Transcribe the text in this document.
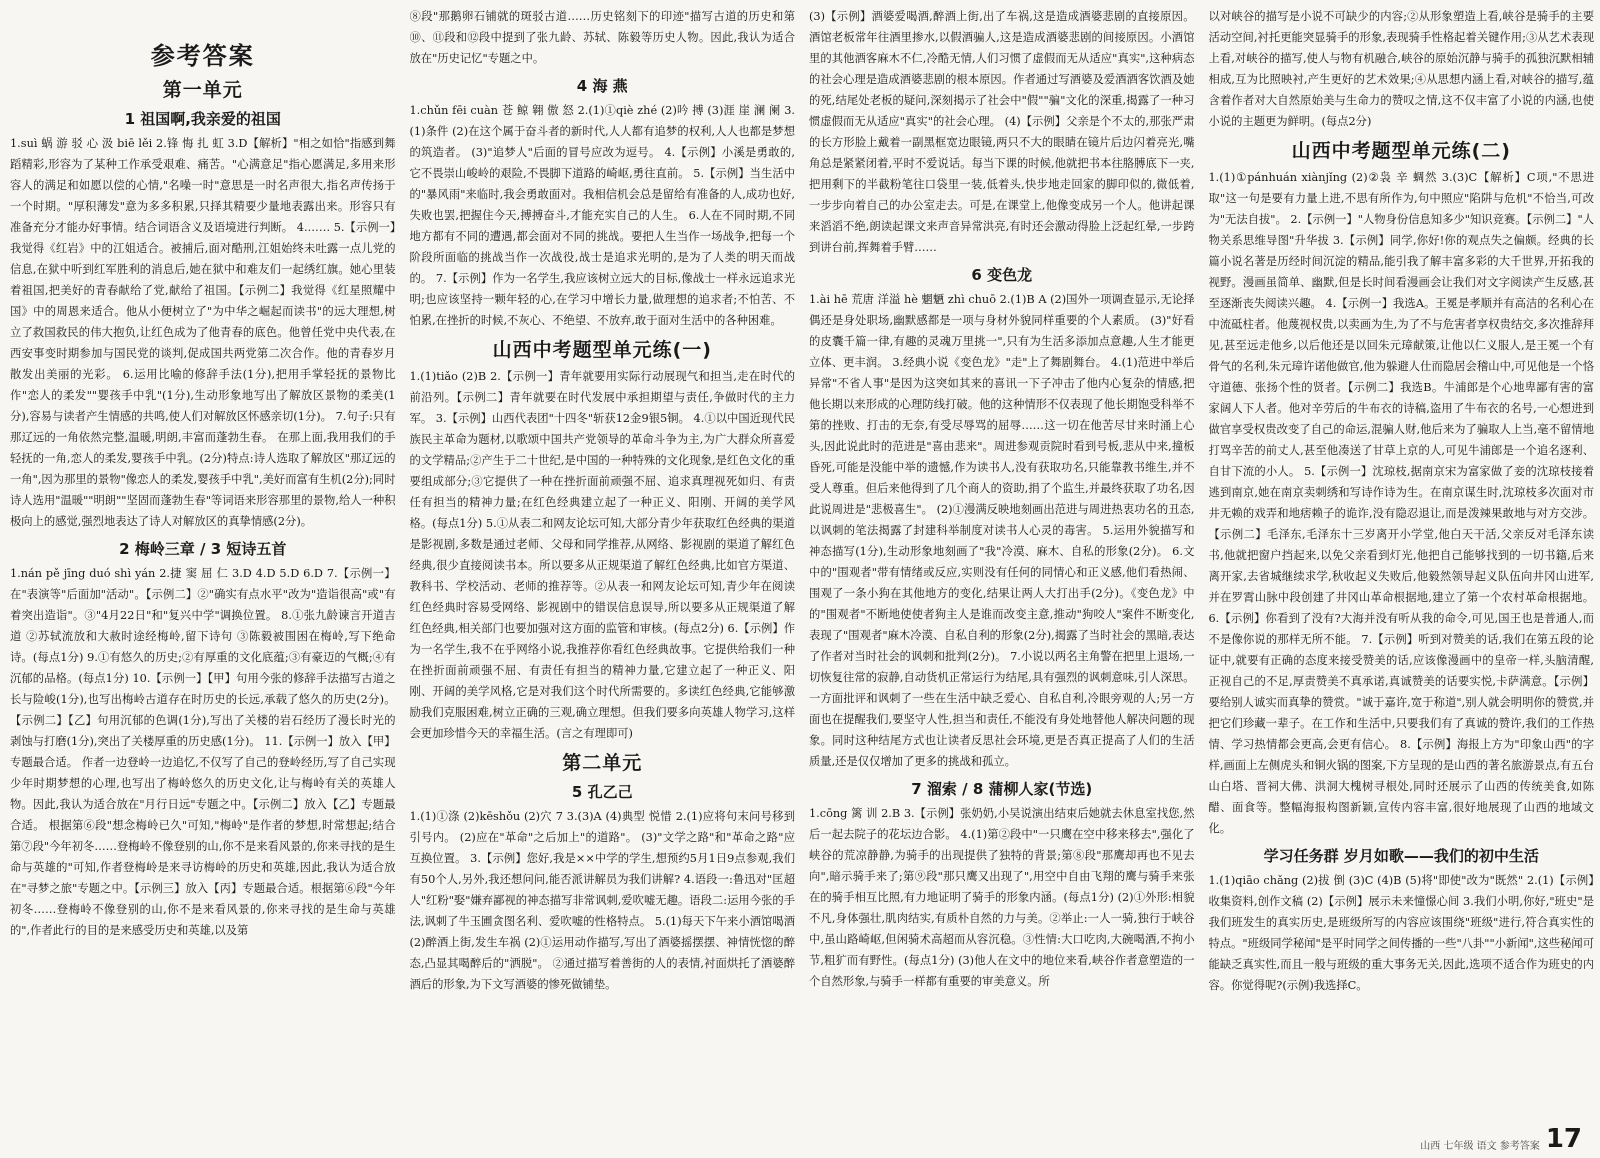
参考答案
第一单元
1 祖国啊,我亲爱的祖国

1.suì 蜗 游 驳 心 汲 biē lěi 2.锋 悔 扎 虹 3.D【解析】"相之如恰"指感到舞蹈精彩,形容为了某种工作承受艰难、痛苦。"心满意足"指心愿满足,多用来形容人的满足和如愿以偿的心情,"名噪一时"意思是一时名声很大,指名声传扬于一个时期。"厚积薄发"意为多多积累,只择其精要少量地表露出来。形容只有准备充分才能办好事情。结合词语含义及语境进行判断。 4.…… 5.【示例一】我觉得《红岩》中的江姐适合。被捕后,面对酷刑,江姐始终未吐露一点儿党的信息,在狱中听到红军胜利的消息后,她在狱中和难友们一起绣红旗。她心里装着祖国,把美好的青春献给了党,献给了祖国。【示例二】我觉得《红星照耀中国》中的周恩来适合。他从小便树立了"为中华之崛起而读书"的远大理想,树立了救国救民的伟大抱负,让红色成为了他青春的底色。他曾任党中央代表,在西安事变时期参加与国民党的谈判,促成国共两党第二次合作。他的青春岁月散发出美丽的光彩。 6.运用比喻的修辞手法(1分),把用手掌轻抚的景物比作"恋人的柔发""婴孩手中乳"(1分),生动形象地写出了解放区景物的柔美(1分),容易与读者产生情感的共鸣,使人们对解放区怀感亲切(1分)。 7.句子:只有那辽远的一角依然完整,温暖,明朗,丰富而蓬勃生春。 在那上面,我用我们的手轻抚的一角,恋人的柔发,婴孩手中乳。(2分)特点:诗人选取了解放区"那辽远的一角",因为那里的景物"像恋人的柔发,婴孩手中乳",美好而富有生机(2分);同时诗人选用"温暖""明朗""坚固而蓬勃生春"等词语来形容那里的景物,给人一种积极向上的感觉,强烈地表达了诗人对解放区的真挚情感(2分)。

2 梅岭三章 / 3 短诗五首

1.nán pě jīng duó shì yán 2.捷 窦 屈 仁 3.D 4.D 5.D 6.D 7.【示例一】在"表演等"后面加"活动"。【示例二】②"确实有点水平"改为"造诣很高"或"有着突出造诣"。③"4月22日"和"复兴中学"调换位置。 8.①张九龄谏言开道吉道 ②苏轼流放和大赦时途经梅岭,留下诗句 ③陈毅被围困在梅岭,写下绝命诗。(每点1分) 9.①有悠久的历史;②有厚重的文化底蕴;③有豪迈的气概;④有沉郁的品格。(每点1分) 10.【示例一】【甲】句用今张的修辞手法描写古道之长与险峻(1分),也写出梅岭古道存在时历史的长远,承载了悠久的历史(2分)。【示例二】【乙】句用沉郁的色调(1分),写出了关楼的岩石经历了漫长时光的剥蚀与打磨(1分),突出了关楼厚重的历史感(1分)。 11.【示例一】放入【甲】专题最合适。 作者一边登岭一边追忆,不仅写了自己的登岭经历,写了自己实现少年时期梦想的心理,也写出了梅岭悠久的历史文化,让与梅岭有关的英雄人物。因此,我认为适合放在"月行日远"专题之中。【示例二】放入【乙】专题最合适。 根据第⑥段"想念梅岭已久"可知,"梅岭"是作者的梦想,时常想起;结合第⑦段"今年初冬……登梅岭不像登别的山,你不是来看风景的,你来寻找的是生命与英雄的"可知,作者登梅岭是来寻访梅岭的历史和英雄,因此,我认为适合放在"寻梦之旅"专题之中。【示例三】放入【丙】专题最合适。根据第⑥段"今年初冬……登梅岭不像登别的山,你不是来看风景的,你来寻找的是生命与英雄的",作者此行的目的是来感受历史和英雄,以及第

⑧段"那鹅卵石铺就的斑驳古道……历史铭刻下的印迹"描写古道的历史和第⑩、⑪段和⑫段中提到了张九龄、苏轼、陈毅等历史人物。因此,我认为适合放在"历史记忆"专题之中。

4 海 燕

1.chǔn fēi cuàn 苍 鲸 翱 傲 怒 2.(1)①qiè zhé (2)吟 搏 (3)涯 崖 澜 阑 3.(1)条件 (2)在这个属于奋斗者的新时代,人人都有追梦的权利,人人也都是梦想的筑造者。 (3)"追梦人"后面的冒号应改为逗号。 4.【示例】小溪是勇敢的,它不畏崇山峻岭的艰险,不畏脚下道路的崎岖,勇往直前。 5.【示例】当生活中的"暴风雨"来临时,我会勇敢面对。我相信机会总是留给有准备的人,成功也好,失败也罢,把握住今天,搏搏奋斗,才能充实自己的人生。 6.人在不同时期,不同地方都有不同的遭遇,都会面对不同的挑战。要把人生当作一场战争,把每一个阶段所面临的挑战当作一次战役,战士是追求光明的,是为了人类的明天而战的。 7.【示例】作为一名学生,我应该树立远大的目标,像战士一样永远追求光明;也应该坚持一颗年轻的心,在学习中增长力量,做理想的追求者;不怕苦、不怕累,在挫折的时候,不灰心、不绝望、不放弃,敢于面对生活中的各种困难。

山西中考题型单元练(一)

1.(1)tiǎo (2)B 2.【示例一】青年就要用实际行动展现气和担当,走在时代的前沿列。【示例二】青年就要在时代发展中承担期望与责任,争做时代的主力军。 3.【示例】山西代表团"十四冬"斩获12金9银5铜。 4.①以中国近现代民族民主革命为题材,以歌颂中国共产党领导的革命斗争为主,为广大群众所喜爱的文学精品;②产生于二十世纪,是中国的一种特殊的文化现象,是红色文化的重要组成部分;③它提供了一种在挫折面前顽强不屈、追求真理视死如归、有责任有担当的精神力量;在红色经典建立起了一种正义、阳刚、开阔的美学风格。(每点1分) 5.①从表二和网友论坛可知,大部分青少年获取红色经典的渠道是影视剧,多数是通过老师、父母和同学推荐,从网络、影视剧的渠道了解红色经典,很少直接阅读书本。所以要多从正规渠道了解红色经典,比如官方渠道、教科书、学校活动、老师的推荐等。②从表一和网友论坛可知,青少年在阅读红色经典时容易受网络、影视剧中的错误信息误导,所以要多从正规渠道了解红色经典,相关部门也要加强对这方面的监管和审核。(每点2分) 6.【示例】作为一名学生,我不在乎网络小说,我推荐你看红色经典故事。它提供给我们一种在挫折面前顽强不屈、有责任有担当的精神力量,它建立起了一种正义、阳刚、开阔的美学风格,它是对我们这个时代所需要的。多读红色经典,它能够激励我们克服困难,树立正确的三观,确立理想。但我们要多向英雄人物学习,这样会更加珍惜今天的幸福生活。(言之有理即可)

第二单元
5 孔乙己

1.(1)①涤 (2)kēshǒu (2)穴 7 3.(3)A (4)典型 悦惜 2.(1)应将句末问号移到引号内。 (2)应在"革命"之后加上"的道路"。 (3)"文学之路"和"革命之路"应互换位置。 3.【示例】您好,我是××中学的学生,想预约5月1日9点参观,我们有50个人,另外,我还想问问,能否派讲解员为我们讲解? 4.语段一:鲁迅对"匡超人"红粉"娶"嫌弃鄙视的神态描写非常讽刺,爱吹嘘无趣。语段二:运用今张的手法,讽刺了牛玉圃贪图名利、爱吹嘘的性格特点。 5.(1)每天下午来小酒馆喝酒 (2)醉酒上街,发生车祸 (2)①运用动作描写,写出了酒婆摇摆摆、神情恍惚的醉态,凸显其喝醉后的"洒脱"。 ②通过描写着善街的人的表情,衬面烘托了酒婆醉酒后的形象,为下文写酒婆的惨死做铺垫。

(3)【示例】酒婆爱喝酒,醉酒上街,出了车祸,这是造成酒婆悲剧的直接原因。酒馆老板常年往酒里掺水,以假酒骗人,这是造成酒婆悲剧的间接原因。小酒馆里的其他酒客麻木不仁,冷酷无情,人们习惯了虚假而无从适应"真实",这种病态的社会心理是造成酒婆悲剧的根本原因。作者通过写酒婆及爱酒酒客饮酒及她的死,结尾处老板的疑问,深刻揭示了社会中"假""骗"文化的深重,揭露了一种习惯虚假而无从适应"真实"的社会心理。 (4)【示例】父亲是个不太的,那张严肃的长方形脸上戴着一副黑框宽边眼镜,两只不大的眼睛在镜片后边闪着亮光,嘴角总是紧紧闭着,平时不爱说话。每当下课的时候,他就把书本往胳膊底下一夹,把用剩下的半截粉笔往口袋里一装,低着头,快步地走回家的脚印似的,微低着,一步步向着自己的办公室走去。可是,在课堂上,他像变成另一个人。他讲起课来滔滔不绝,朗读起课文来声音异常洪亮,有时还会激动得脸上泛起红晕,一步跨到讲台前,挥舞着手臂……

6 变色龙

1.ài hē 荒唐 洋溢 hè 魍魉 zhì chuō 2.(1)B A (2)国外一项调查显示,无论择偶还是身处职场,幽默感都是一项与身材外貌同样重要的个人素质。 (3)"好看的皮囊千篇一律,有趣的灵魂万里挑一",只有为生活多添加点意趣,人生才能更立体、更丰润。 3.经典小说《变色龙》"走"上了舞剧舞台。 4.(1)范进中举后异常"不省人事"是因为这突如其来的喜讯一下子冲击了他内心复杂的情感,把他长期以来形成的心理防线打破。他的这种情形不仅表现了他长期饱受科举不第的挫败、打击的无奈,有受尽辱骂的屈辱……这一切在他苦尽甘来时涌上心头,因此说此时的范进是"喜由悲来"。周进参观贡院时看到号板,悲从中来,撞板昏死,可能是没能中举的遗憾,作为读书人,没有获取功名,只能靠教书维生,并不受人尊重。但后来他得到了几个商人的资助,捐了个监生,并最终获取了功名,因此说周进是"悲极喜生"。 (2)①漫满反映地刻画出范进与周进热衷功名的丑态,以讽刺的笔法揭露了封建科举制度对读书人心灵的毒害。 5.运用外貌描写和神态描写(1分),生动形象地刻画了"我"冷漠、麻木、自私的形象(2分)。 6.文中的"围观者"带有情绪或反应,实则没有任何的同情心和正义感,他们看热闹、围观了一条小狗在其他地方的变化,结果让两人大打出手(2分)。《变色龙》中的"围观者"不断地使使者狗主人是谁而改变主意,推动"狗咬人"案件不断变化,表现了"围观者"麻木冷漠、自私自利的形象(2分),揭露了当时社会的黑暗,表达了作者对当时社会的讽刺和批判(2分)。 7.小说以两名主角警在把里上退场,一切恢复往常的寂静,自动货机正常运行为结尾,具有强烈的讽刺意味,引人深思。一方面批评和讽刺了一些在生活中缺乏爱心、自私自利,冷眼旁观的人;另一方面也在提醒我们,要坚守人性,担当和责任,不能没有身处地替他人解决问题的现象。同时这种结尾方式也让读者反思社会环境,更是否真正提高了人们的生活质量,还是仅仅增加了更多的挑战和孤立。

7 溜索 / 8 蒲柳人家(节选)

1.cōng 篱 训 2.B 3.【示例】张奶奶,小吴说演出结束后她就去休息室找您,然后一起去院子的花坛边合影。 4.(1)第②段中"一只鹰在空中移来移去",强化了峡谷的荒凉静静,为骑手的出现提供了独特的背景;第⑧段"那鹰却再也不见去向",暗示骑手来了;第⑨段"那只鹰又出现了",用空中自由飞翔的鹰与骑手来张在的骑手相互比照,有力地证明了骑手的形象内涵。(每点1分) (2)①外形:相貌不凡,身体强壮,肌肉结实,有质朴自然的力与美。②举止:一人一骑,独行于峡谷中,虽山路崎岖,但闲骑术高超而从容沉稳。③性情:大口吃肉,大碗喝酒,不拘小节,粗犷而有野性。(每点1分) (3)他人在文中的地位来看,峡谷作者意塑造的一个自然形象,与骑手一样都有重要的审美意义。所

以对峡谷的描写是小说不可缺少的内容;②从形象塑造上看,峡谷是骑手的主要活动空间,衬托更能突显骑手的形象,表现骑手性格起着关键作用;③从艺术表现上看,对峡谷的描写,使人与物有机融合,峡谷的原始沉静与骑手的孤独沉默相辅相成,互为比照映衬,产生更好的艺术效果;④从思想内涵上看,对峡谷的描写,蕴含着作者对大自然原始美与生命力的赞叹之情,这不仅丰富了小说的内涵,也使小说的主题更为鲜明。(每点2分)

山西中考题型单元练(二)

1.(1)①pánhuán xiànjǐng (2)②袅 辛 蜩然 3.(3)C【解析】C项,"不思进取"这一句是要有力量上进,不思有所作为,句中照应"陷阱与危机"不恰当,可改为"无法自拔"。 2.【示例一】"人物身份信息知多少"知识竞赛。【示例二】"人物关系思维导图"升华拔 3.【示例】同学,你好!你的观点失之偏颇。经典的长篇小说名著是历经时间沉淀的精品,能引我了解丰富多彩的大千世界,开拓我的视野。漫画虽简单、幽默,但是长时间看漫画会让我们对文字阅读产生反感,甚至逐渐丧失阅读兴趣。 4.【示例一】我选A。王冕是孝顺并有高洁的名利心在中流砥柱者。他蔑视权贵,以卖画为生,为了不与危害者享权贵结交,多次推辞拜见,甚至远走他乡,以后他还是以回朱元璋献策,让他以仁义服人,是王冕一个有骨气的名利,朱元璋许诺他做官,他为躲避人仕而隐居会稽山中,可见他是一个恪守道德、张扬个性的贤者。【示例二】我选B。牛浦郎是个心地卑鄙有害的富家阔人下人者。他对辛劳后的牛布衣的诗稿,盗用了牛布衣的名号,一心想进到做官享受权贵改变了自己的命运,混骗人财,他后来为了骗取人上当,毫不留情地打骂辛苦的前丈人,甚至他凑送了甘草上京的人,可见牛浦郎是一个追名逐利、自甘下流的小人。 5.【示例一】沈琼枝,据南京宋为富家做了妾的沈琼枝接着逃到南京,她在南京卖刺绣和写诗作诗为生。在南京谋生时,沈琼枝多次面对市井无赖的戏弄和地痞赖子的诡诈,没有隐忍退让,而是泼辣果敢地与对方交涉。【示例二】毛泽东,毛泽东十三岁离开小学堂,他白天干活,父亲反对毛泽东读书,他就把窗户挡起来,以免父亲看到灯光,他把自己能够找到的一切书籍,后来离开家,去省城继续求学,秋收起义失败后,他毅然领导起义队伍向井冈山进军,并在罗霄山脉中段创建了井冈山革命根据地,建立了第一个农村革命根据地。 6.【示例】你看到了没有?大海并没有听从我的命令,可见,国王也是普通人,而不是像你说的那样无所不能。 7.【示例】听到对赞美的话,我们在第五段的论证中,就要有正确的态度来接受赞美的话,应该像漫画中的皇帝一样,头脑清醒,正视自己的不足,厚责赞美不真承诺,真诚赞美的话要实悦,卡萨满意。【示例】要给别人诚实而真挚的赞赏。"诚于嘉许,宽于称道",别人就会明明你的赞赏,并把它们珍藏一辈子。在工作和生活中,只要我们有了真诚的赞许,我们的工作热情、学习热情都会更高,会更有信心。 8.【示例】海报上方为"印象山西"的字样,画面上左侧虎头和铜火锅的图案,下方呈现的是山西的著名旅游景点,有五台山白塔、晋祠大佛、洪洞大槐树寻根处,同时还展示了山西的传统美食,如陈醋、面食等。整幅海报构图新颖,宣传内容丰富,很好地展现了山西的地域文化。

学习任务群 岁月如歌——我们的初中生活

1.(1)qiāo chǎng (2)拔 倒 (3)C (4)B (5)将"即使"改为"既然" 2.(1)【示例】收集资料,创作文稿 (2)【示例】展示未来憧憬心间 3.我们小明,你好,"班史"是我们班发生的真实历史,是班级所写的内容应该围绕"班级"进行,符合真实性的特点。"班级同学秘闻"是平时同学之间传播的一些"八卦""小新闻",这些秘闻可能缺乏真实性,而且一般与班级的重大事务无关,因此,选项不适合作为班史的内容。你觉得呢?(示例)我选择C。

山西 七年级 语文 参考答案 17
